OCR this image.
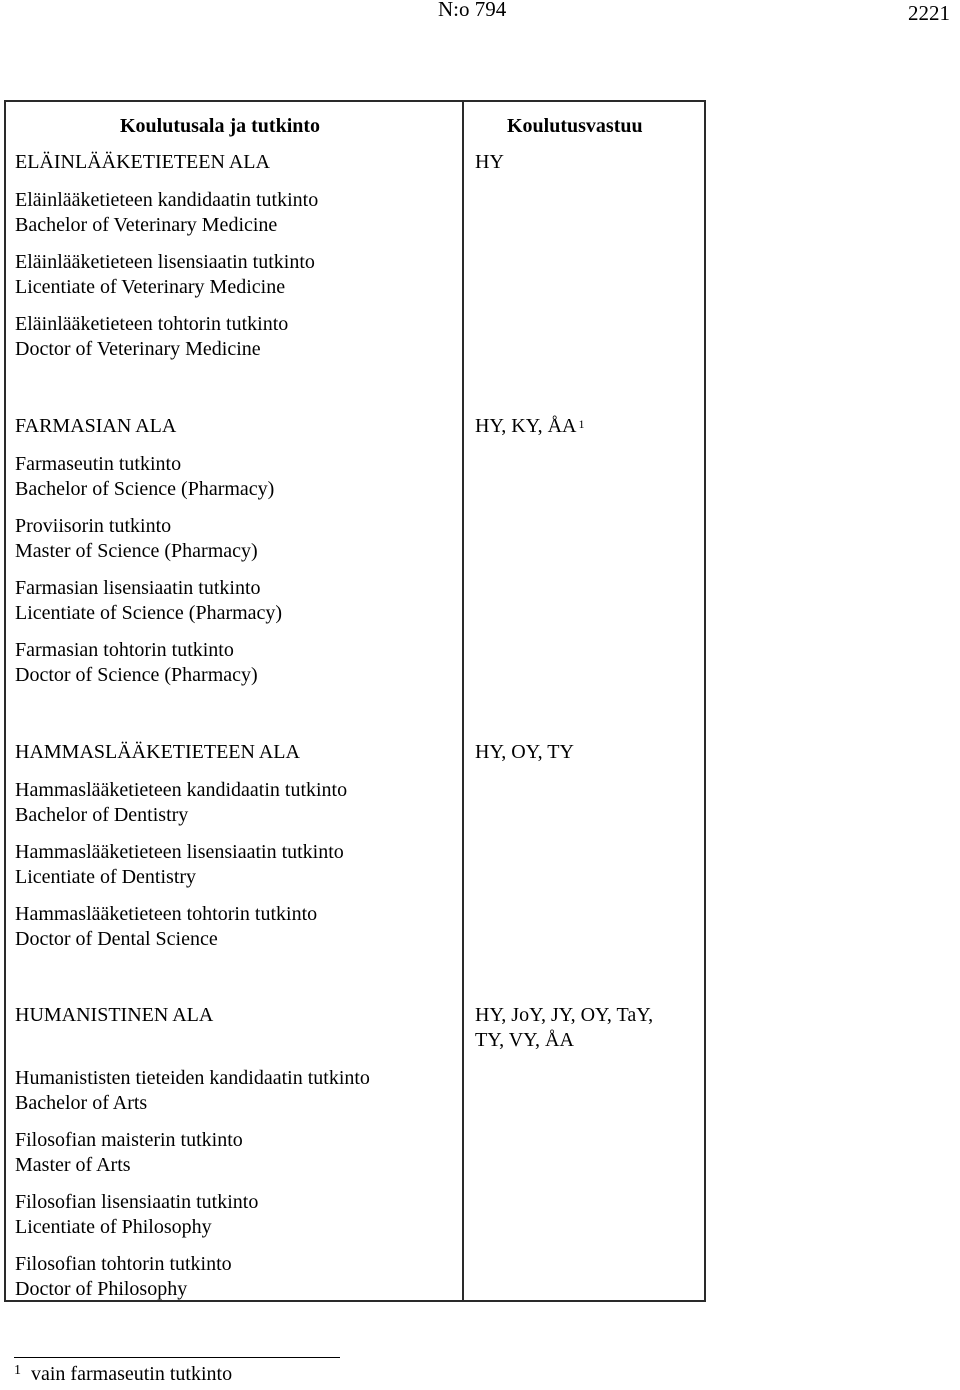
N:o 794	2221
Koulutusala ja tutkinto	Koulutusvastuu
ELÄINLÄÄKETIETEEN ALA
Eläinlääketieteen kandidaatin tutkinto
Bachelor of Veterinary Medicine
Eläinlääketieteen lisensiaatin tutkinto
Licentiate of Veterinary Medicine
Eläinlääketieteen tohtorin tutkinto
Doctor of Veterinary Medicine
HY
FARMASIAN ALA
Farmaseutin tutkinto
Bachelor of Science (Pharmacy)
Proviisorin tutkinto
Master of Science (Pharmacy)
Farmasian lisensiaatin tutkinto
Licentiate of Science (Pharmacy)
Farmasian tohtorin tutkinto
Doctor of Science (Pharmacy)
HY, KY, ÅA $^1$
HAMMASLÄÄKETIETEEN ALA
Hammaslääketieteen kandidaatin tutkinto
Bachelor of Dentistry
Hammaslääketieteen lisensiaatin tutkinto
Licentiate of Dentistry
Hammaslääketieteen tohtorin tutkinto
Doctor of Dental Science
HY, OY, TY
HUMANISTINEN ALA
Humanististen tieteiden kandidaatin tutkinto
Bachelor of Arts
Filosofian maisterin tutkinto
Master of Arts
Filosofian lisensiaatin tutkinto
Licentiate of Philosophy
Filosofian tohtorin tutkinto
Doctor of Philosophy
HY, JoY, JY, OY, TaY,
TY, VY, ÅA
$^1$ vain farmaseutin tutkinto
